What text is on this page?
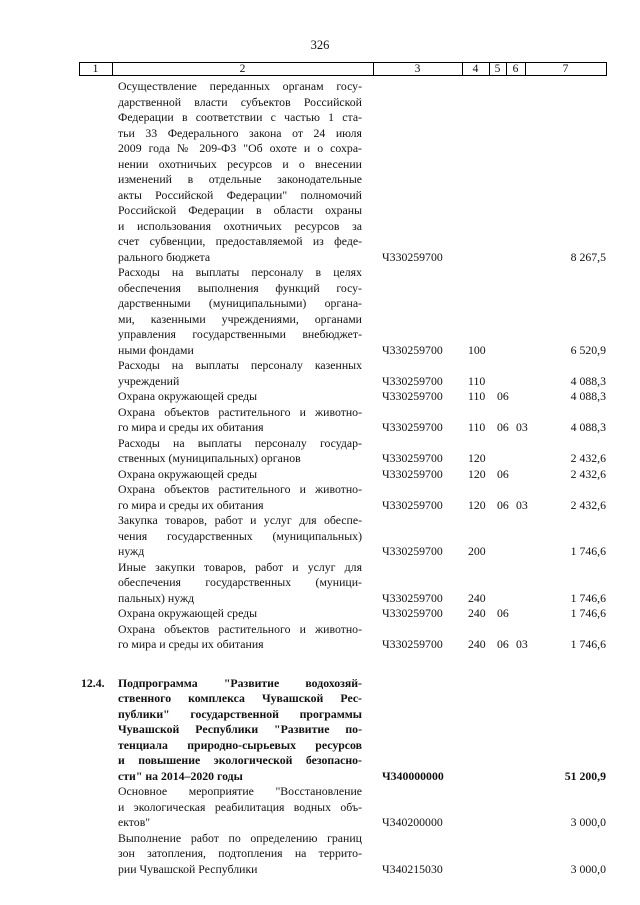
326
1	2	3	4	5	6	7
Осуществление переданных органам госу-
дарственной власти субъектов Российской
Федерации в соответствии с частью 1 ста-
тьи 33 Федерального закона от 24 июля
2009 года № 209-ФЗ "Об охоте и о сохра-
нении охотничьих ресурсов и о внесении
изменений в отдельные законодательные
акты Российской Федерации" полномочий
Российской Федерации в области охраны
и использования охотничьих ресурсов за
счет субвенции, предоставляемой из феде-
рального бюджета	Ч330259700	8 267,5
Расходы на выплаты персоналу в целях
обеспечения выполнения функций госу-
дарственными (муниципальными) органа-
ми, казенными учреждениями, органами
управления государственными внебюджет-
ными фондами	Ч330259700 100	6 520,9
Расходы на выплаты персоналу казенных
учреждений	Ч330259700 110	4 088,3
Охрана окружающей среды	Ч330259700 110 06	4 088,3
Охрана объектов растительного и животно-
го мира и среды их обитания	Ч330259700 110 06 03	4 088,3
Расходы на выплаты персоналу государ-
ственных (муниципальных) органов	Ч330259700 120	2 432,6
Охрана окружающей среды	Ч330259700 120 06	2 432,6
Охрана объектов растительного и животно-
го мира и среды их обитания	Ч330259700 120 06 03	2 432,6
Закупка товаров, работ и услуг для обеспе-
чения государственных (муниципальных)
нужд	Ч330259700 200	1 746,6
Иные закупки товаров, работ и услуг для
обеспечения государственных (муници-
пальных) нужд	Ч330259700 240	1 746,6
Охрана окружающей среды	Ч330259700 240 06	1 746,6
Охрана объектов растительного и животно-
го мира и среды их обитания	Ч330259700 240 06 03	1 746,6
12.4. Подпрограмма "Развитие водохозяй-
ственного комплекса Чувашской Рес-
публики" государственной программы
Чувашской Республики "Развитие по-
тенциала природно-сырьевых ресурсов
и повышение экологической безопасно-
сти" на 2014–2020 годы	Ч340000000	51 200,9
Основное мероприятие "Восстановление
и экологическая реабилитация водных объ-
ектов"	Ч340200000	3 000,0
Выполнение работ по определению границ
зон затопления, подтопления на террито-
рии Чувашской Республики	Ч340215030	3 000,0
